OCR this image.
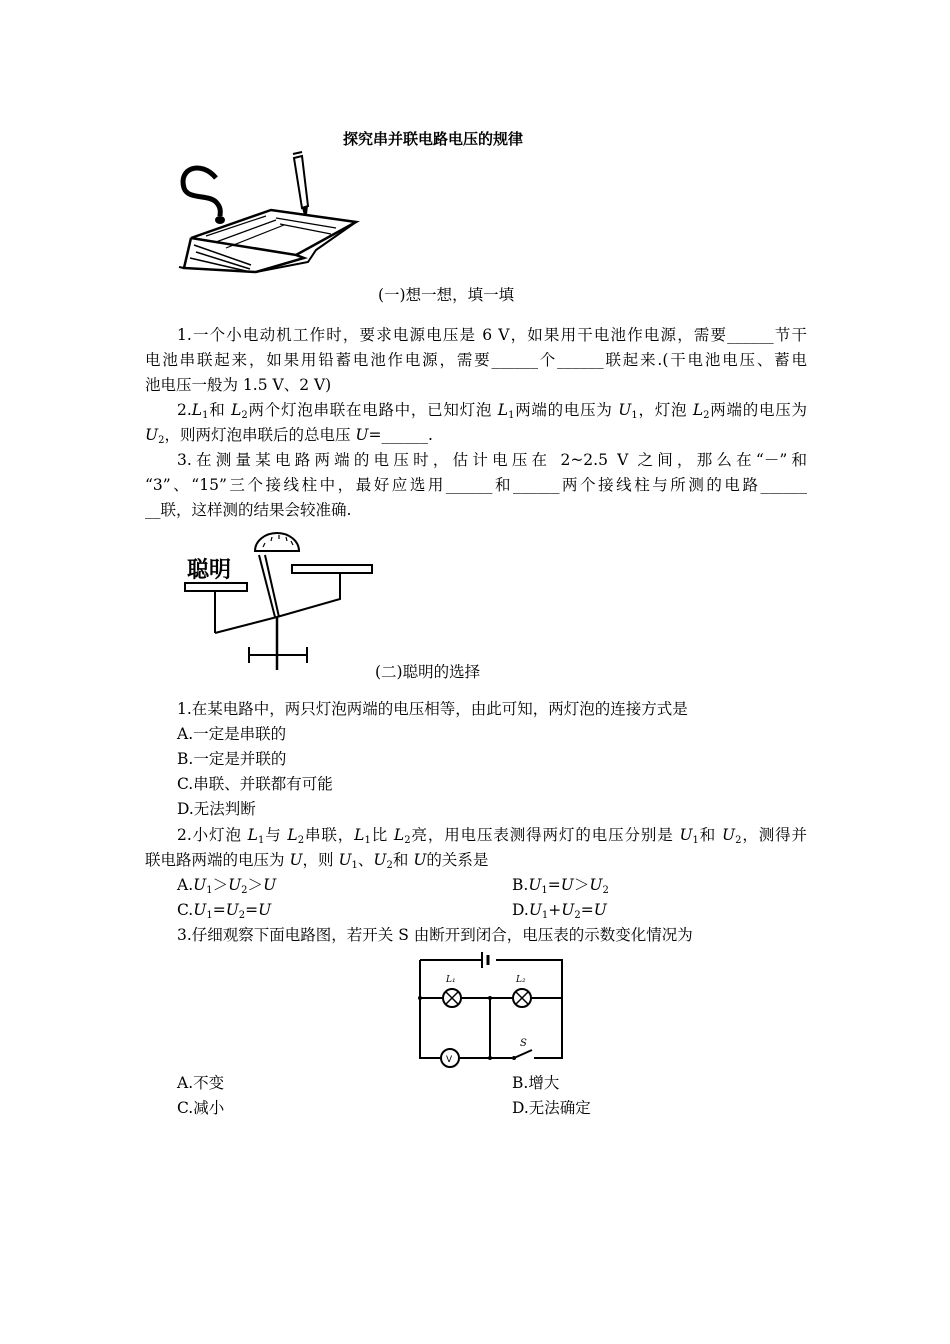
探究串并联电路电压的规律
(一)想一想，填一填
1.一个小电动机工作时，要求电源电压是 6 V，如果用干电池作电源，需要______节干
电池串联起来，如果用铅蓄电池作电源，需要______个______联起来.(干电池电压、蓄电
池电压一般为 1.5 V、2 V)
$2.L_1$和 $L_2$两个灯泡串联在电路中，已知灯泡 $L_1$两端的电压为 $U_1$，灯泡 $L_2$两端的电压为
$U_2$，则两灯泡串联后的总电压 U=______.
3.在测量某电路两端的电压时，估计电压在 2~2.5 V 之间，那么在“－”和
“3”、“15”三个接线柱中，最好应选用______和______两个接线柱与所测的电路______
__联，这样测的结果会较准确.
聪明
(二)聪明的选择
1.在某电路中，两只灯泡两端的电压相等，由此可知，两灯泡的连接方式是
A.一定是串联的
B.一定是并联的
C.串联、并联都有可能
D.无法判断
2.小灯泡 $L_1$与 $L_2$串联，$L_1$比 $L_2$亮，用电压表测得两灯的电压分别是 $U_1$和 $U_2$，测得并
联电路两端的电压为 U，则 $U_1$、$U_2$和 U的关系是
$A.U_1>U_2>U$	$B.U_1=U>U_2$
$C.U_1=U_2=U$	$D.U_1+U_2=U$
3.仔细观察下面电路图，若开关 S 由断开到闭合，电压表的示数变化情况为
L₁	L₂
S
V
A.不变	B.增大
C.减小	D.无法确定
